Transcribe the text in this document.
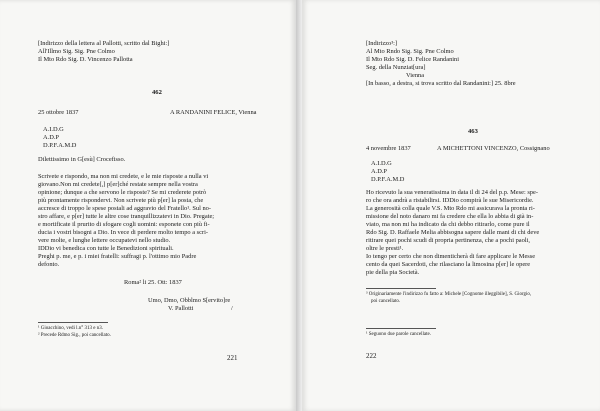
[Indirizzo della lettera al Pallotti, scritto dal Bighi:]
All'Illmo Sig. Sig. Pne Colmo
Il Mto Rdo Sig. D. Vincenzo Pallotta
462
25 ottobre 1837	A RANDANINI FELICE, Vienna
A.I.D.G
A.D.P
D.P.F.A.M.D
Dilettissimo in G[esù] Crocefisso.

Scrivete e rispondo, ma non mi credete, e le mie risposte a nulla vi

giovano.Non mi credete[,] p[er]ché restate sempre nella vostra

opinione; dunque a che servono le risposte? Se mi crederete potrò

più prontamente rispondervi. Non scrivete più p[er] la posta, che

accresce di troppo le spese postali ad aggravio del Fratello¹. Sul no-

stro affare, e p[er] tutte le altre cose tranquillizzatevi in Dio. Pregate;

e mortificate il prurito di sfogare cogli uomini: esponete con più fi-

ducia i vostri bisogni a Dio. In vece di perdere molto tempo a scri-

vere molte, e lunghe lettere occupatevi nello studio.

IDDio vi benedica con tutte le Benedizioni spirituali.

Preghi p. me, e p. i miei fratelli: suffragi p. l'ottimo mio Padre

defonto.

Roma² li 25. Ott: 1837
Umo, Dmo, Obblmo S[ervito]re
V. Pallotti	/
¹ Gioacchino, vedi l.n° 313 e n3.
² Precede Rdmo Sig., poi cancellato.
221
[Indirizzo³:]
Al Mto Rndo Sig. Sig. Pne Colmo
Il Mto Rdo Sig. D. Felice Randanini
Seg. della Nunziat[ura]
Vienna
[In basso, a destra, si trova scritto dal Randanini:] 25. 8bre
463
4 novembre 1837	A MICHETTONI VINCENZO, Cossignano
A.I.D.G
A.D.P
D.P.F.A.M.D

Ho ricevuto la sua veneratissima in data il di 24 del p.p. Mese: spe-

ro che ora andrà a ristabilirsi. IDDio compirà le sue Misericordie.

La generosità colla quale V.S. Mto Rdo mi assicurava la pronta ri-

missione del noto danaro mi fa credere che ella lo abbia di già in-

viato, ma non mi ha indicato da chi debbo ritirarlo, come pure il

Rdo Sig. D. Raffaele Melia abbisogna sapere dalle mani di chi deve

ritirare quei pochi scudi di propria pertinenza, che a pochi paoli,

oltre le presti¹.

Io tengo per certo che non dimenticherà di fare applicare le Messe

cento da quei Sacerdoti, che rilasciano la limosina p[er] le opere

pie della pia Società.

³ Originariamente l'indirizzo fu fatto a: Michele [Cognome illeggibile], S. Giorgio,
poi cancellato.
¹ Seguono due parole cancellate.
222
